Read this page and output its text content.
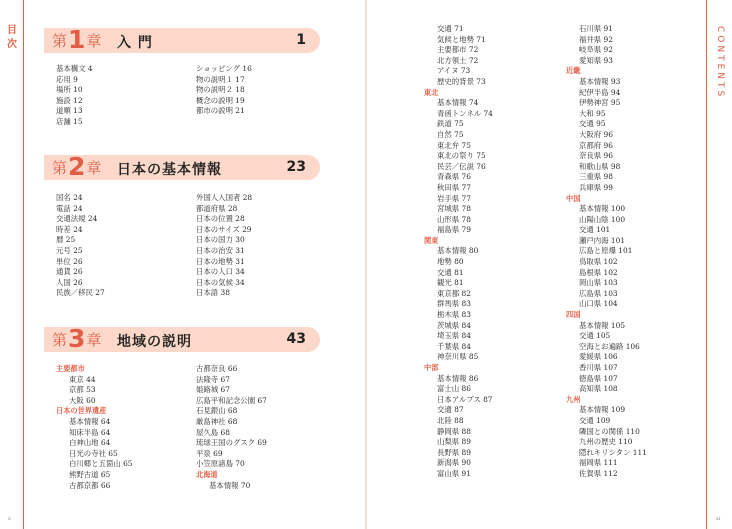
目次	CONTENTS
第1章 入 門	1
基本構文 4
応用 9
場所 10
施設 12
道順 13
店舗 15
ショッピング 16
物の説明１ 17
物の説明２ 18
概念の説明 19
都市の説明 21
第2章 日本の基本情報	23
国名 24
電話 24
交通法規 24
時差 24
暦 25
元号 25
単位 26
通貨 26
人国 26
民族／移民 27
外国人入国者 28
都道府県 28
日本の位置 28
日本のサイズ 29
日本の国力 30
日本の治安 31
日本の地勢 31
日本の人口 34
日本の気候 34
日本語 38
第3章 地域の説明	43
主要都市
東京 44
京都 53
大阪 60
日本の世界遺産
基本情報 64
知床半島 64
白神山地 64
日光の寺社 65
白川郷と五箇山 65
熊野古道 65
古都京都 66
古都奈良 66
法隆寺 67
姫路城 67
広島平和記念公園 67
石見銀山 68
厳島神社 68
屋久島 68
琉球王国のグスク 69
平泉 69
小笠原諸島 70
北海道
基本情報 70
交通 71
気候と地勢 71
主要都市 72
北方領土 72
アイヌ 73
歴史的背景 73
東北
基本情報 74
青函トンネル 74
鉄道 75
自然 75
東北弁 75
東北の祭り 75
民芸／伝説 76
青森県 76
秋田県 77
岩手県 77
宮城県 78
山形県 78
福島県 79
関東
基本情報 80
地勢 80
交通 81
観光 81
東京都 82
群馬県 83
栃木県 83
茨城県 84
埼玉県 84
千葉県 84
神奈川県 85
中部
基本情報 86
富士山 86
日本アルプス 87
交通 87
北陸 88
静岡県 88
山梨県 89
長野県 89
新潟県 90
富山県 91
石川県 91
福井県 92
岐阜県 92
愛知県 93
近畿
基本情報 93
紀伊半島 94
伊勢神宮 95
大和 95
交通 95
大阪府 96
京都府 96
奈良県 96
和歌山県 98
三重県 98
兵庫県 99
中国
基本情報 100
山陽山陰 100
交通 101
瀬戸内海 101
広島と原爆 101
鳥取県 102
島根県 102
岡山県 103
広島県 103
山口県 104
四国
基本情報 105
交通 105
空海とお遍路 106
愛媛県 106
香川県 107
徳島県 107
高知県 108
九州
基本情報 109
交通 109
隣国との関係 110
九州の歴史 110
隠れキリシタン 111
福岡県 111
佐賀県 112
x	xi
